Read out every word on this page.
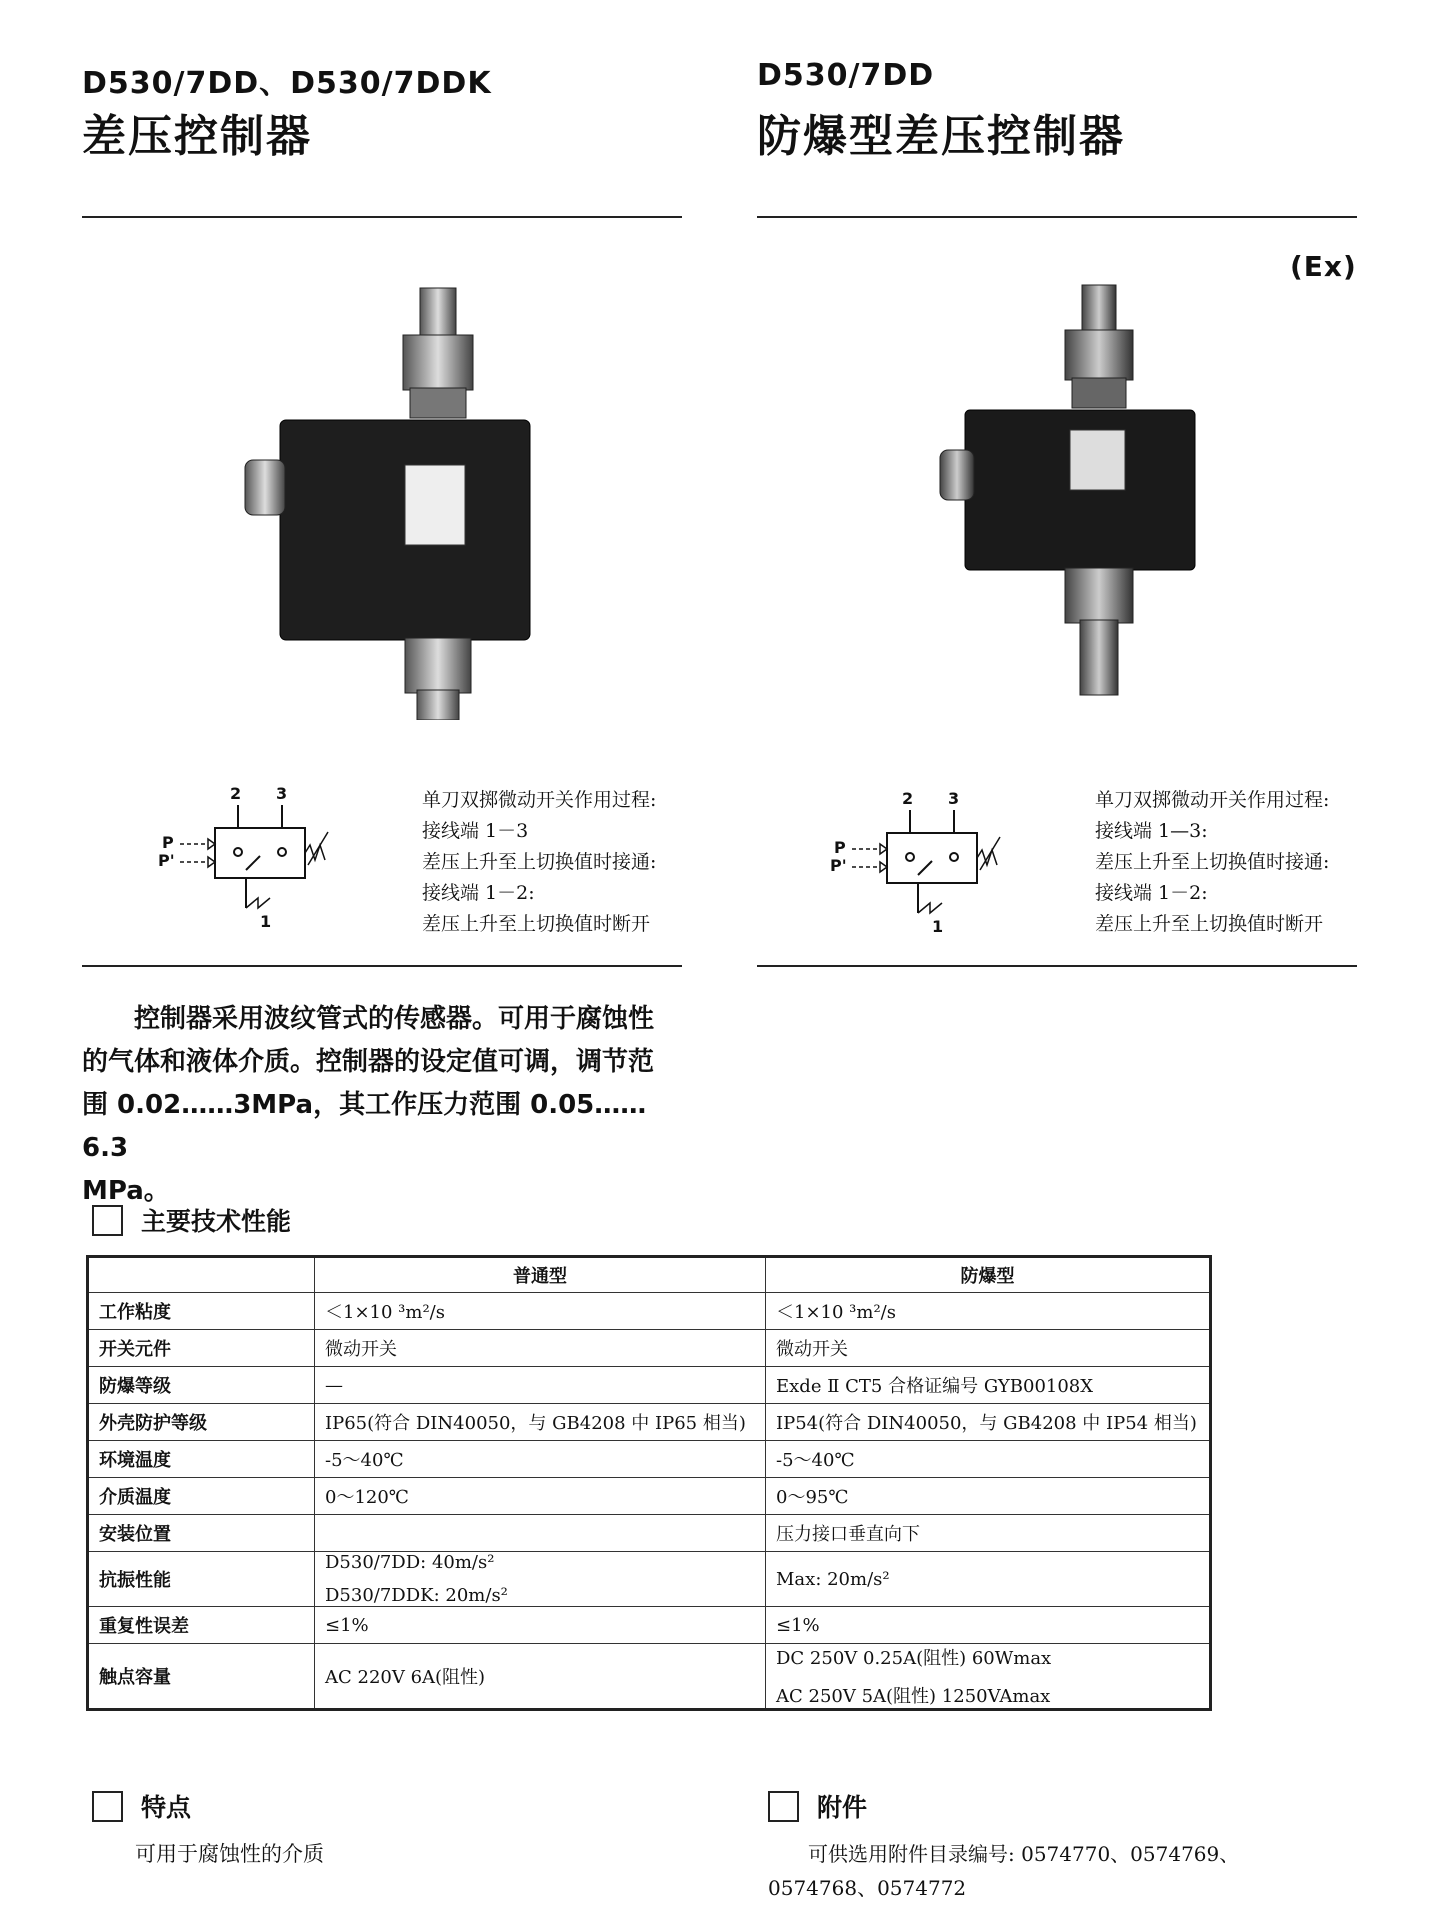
D530/7DD、D530/7DDK
差压控制器
D530/7DD
防爆型差压控制器
(Ex)
2 3
1
P
P'
2 3
1
P
P'
单刀双掷微动开关作用过程:
接线端 1－3
差压上升至上切换值时接通:
接线端 1－2:
差压上升至上切换值时断开
单刀双掷微动开关作用过程:
接线端 1—3:
差压上升至上切换值时接通:
接线端 1－2:
差压上升至上切换值时断开
　　控制器采用波纹管式的传感器。可用于腐蚀性
的气体和液体介质。控制器的设定值可调，调节范
围 0.02……3MPa，其工作压力范围 0.05……6.3
MPa。
主要技术性能
	普通型	防爆型
工作粘度	＜1×10 ³m²/s	＜1×10 ³m²/s

开关元件	微动开关	微动开关

防爆等级	—	Exde Ⅱ CT5 合格证编号 GYB00108X

外壳防护等级	IP65(符合 DIN40050，与 GB4208 中 IP65 相当)	IP54(符合 DIN40050，与 GB4208 中 IP54 相当)

环境温度	-5～40℃	-5～40℃

介质温度	0～120℃	0～95℃

安装位置		压力接口垂直向下

抗振性能	D530/7DD: 40m/s²
D530/7DDK: 20m/s²	Max: 20m/s²

重复性误差	≤1%	≤1%

触点容量	AC 220V 6A(阻性)	DC 250V 0.25A(阻性) 60Wmax
AC 250V 5A(阻性) 1250VAmax
特点
可用于腐蚀性的介质
附件
　　可供选用附件目录编号: 0574770、0574769、
0574768、0574772
